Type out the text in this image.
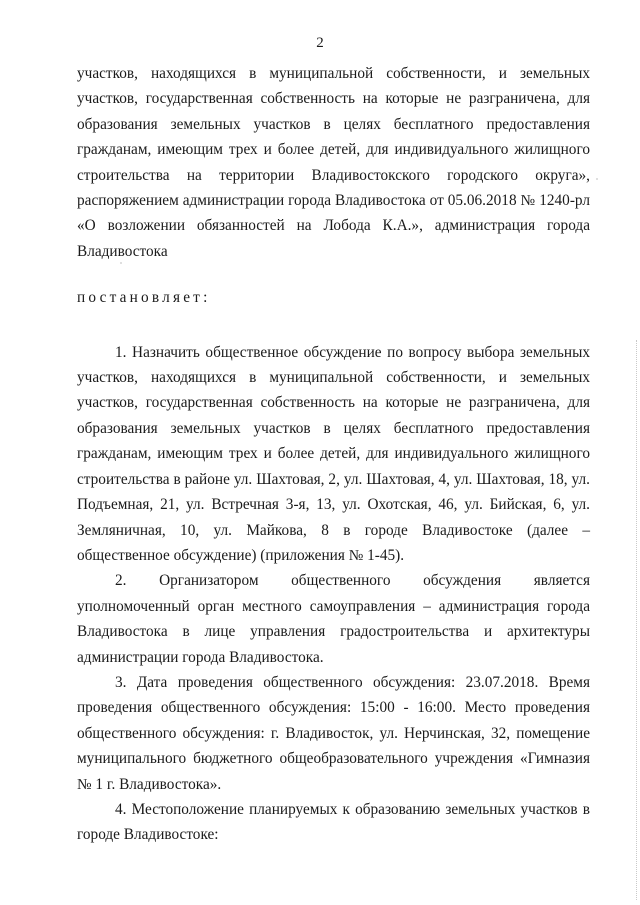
2

участков, находящихся в муниципальной собственности, и земельных участков, государственная собственность на которые не разграничена, для образования земельных участков в целях бесплатного предоставления гражданам, имеющим трех и более детей, для индивидуального жилищного строительства на территории Владивостокского городского округа», распоряжением администрации города Владивостока от 05.06.2018 № 1240-рл «О возложении обязанностей на Лобода К.А.», администрация города Владивостока

постановляет:

1. Назначить общественное обсуждение по вопросу выбора земельных участков, находящихся в муниципальной собственности, и земельных участков, государственная собственность на которые не разграничена, для образования земельных участков в целях бесплатного предоставления гражданам, имеющим трех и более детей, для индивидуального жилищного строительства в районе ул. Шахтовая, 2, ул. Шахтовая, 4, ул. Шахтовая, 18, ул. Подъемная, 21, ул. Встречная 3-я, 13, ул. Охотская, 46, ул. Бийская, 6, ул. Земляничная, 10, ул. Майкова, 8 в городе Владивостоке (далее – общественное обсуждение) (приложения № 1-45).

2. Организатором общественного обсуждения является уполномоченный орган местного самоуправления – администрация города Владивостока в лице управления градостроительства и архитектуры администрации города Владивостока.

3. Дата проведения общественного обсуждения: 23.07.2018. Время проведения общественного обсуждения: 15:00 - 16:00. Место проведения общественного обсуждения: г. Владивосток, ул. Нерчинская, 32, помещение муниципального бюджетного общеобразовательного учреждения «Гимназия № 1 г. Владивостока».

4. Местоположение планируемых к образованию земельных участков в городе Владивостоке:
